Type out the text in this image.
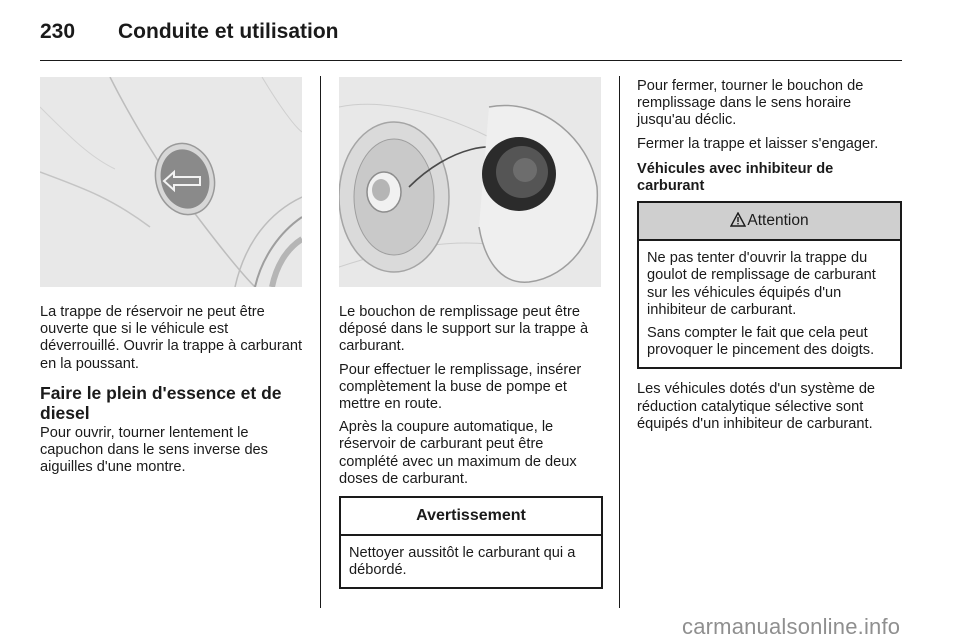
230 Conduite et utilisation

La trappe de réservoir ne peut être ouverte que si le véhicule est déverrouillé. Ouvrir la trappe à carburant en la poussant.

Faire le plein d'essence et de diesel

Pour ouvrir, tourner lentement le capuchon dans le sens inverse des aiguilles d'une montre.

Le bouchon de remplissage peut être déposé dans le support sur la trappe à carburant.

Pour effectuer le remplissage, insérer complètement la buse de pompe et mettre en route.

Après la coupure automatique, le réservoir de carburant peut être complété avec un maximum de deux doses de carburant.

Avertissement

Nettoyer aussitôt le carburant qui a débordé.

Pour fermer, tourner le bouchon de remplissage dans le sens horaire jusqu'au déclic.

Fermer la trappe et laisser s'engager.

Véhicules avec inhibiteur de carburant
Attention

Ne pas tenter d'ouvrir la trappe du goulot de remplissage de carburant sur les véhicules équipés d'un inhibiteur de carburant.

Sans compter le fait que cela peut provoquer le pincement des doigts.

Les véhicules dotés d'un système de réduction catalytique sélective sont équipés d'un inhibiteur de carburant.

carmanualsonline.info
